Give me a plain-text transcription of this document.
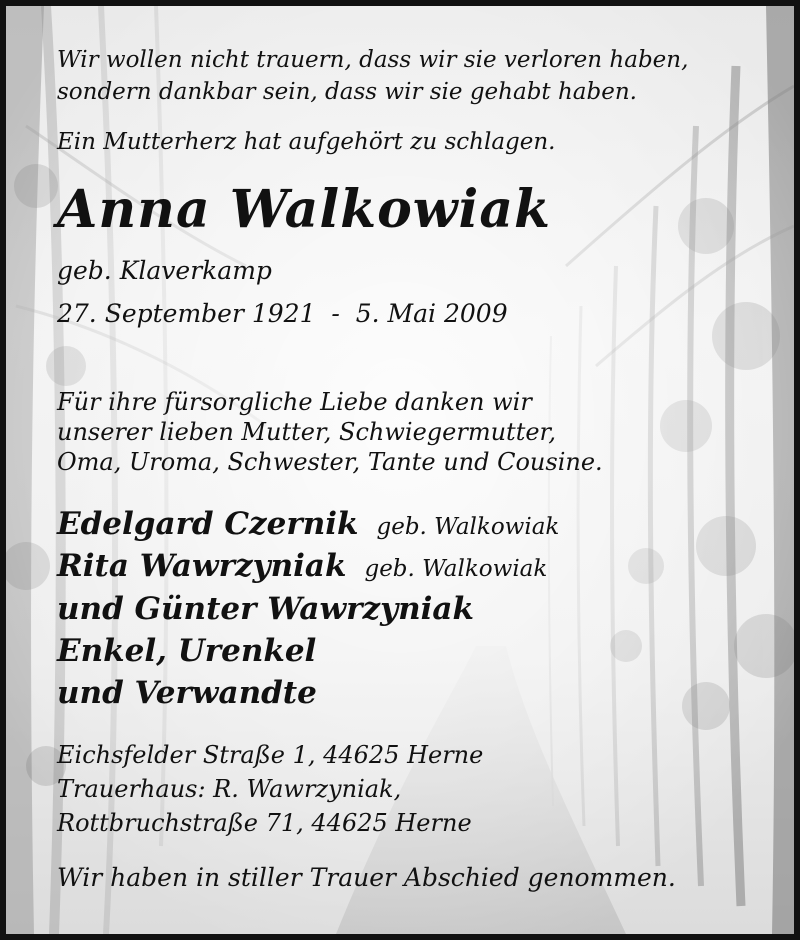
Wir wollen nicht trauern, dass wir sie verloren haben,

sondern dankbar sein, dass wir sie gehabt haben.

Ein Mutterherz hat aufgehört zu schlagen.

Anna Walkowiak

geb. Klaverkamp

27. September 1921  -  5. Mai 2009

Für ihre fürsorgliche Liebe danken wir

unserer lieben Mutter, Schwiegermutter,

Oma, Uroma, Schwester, Tante und Cousine.

Edelgard Czernik geb. Walkowiak

Rita Wawrzyniak geb. Walkowiak

und Günter Wawrzyniak

Enkel, Urenkel

und Verwandte

Eichsfelder Straße 1, 44625 Herne

Trauerhaus: R. Wawrzyniak,

Rottbruchstraße 71, 44625 Herne

Wir haben in stiller Trauer Abschied genommen.
